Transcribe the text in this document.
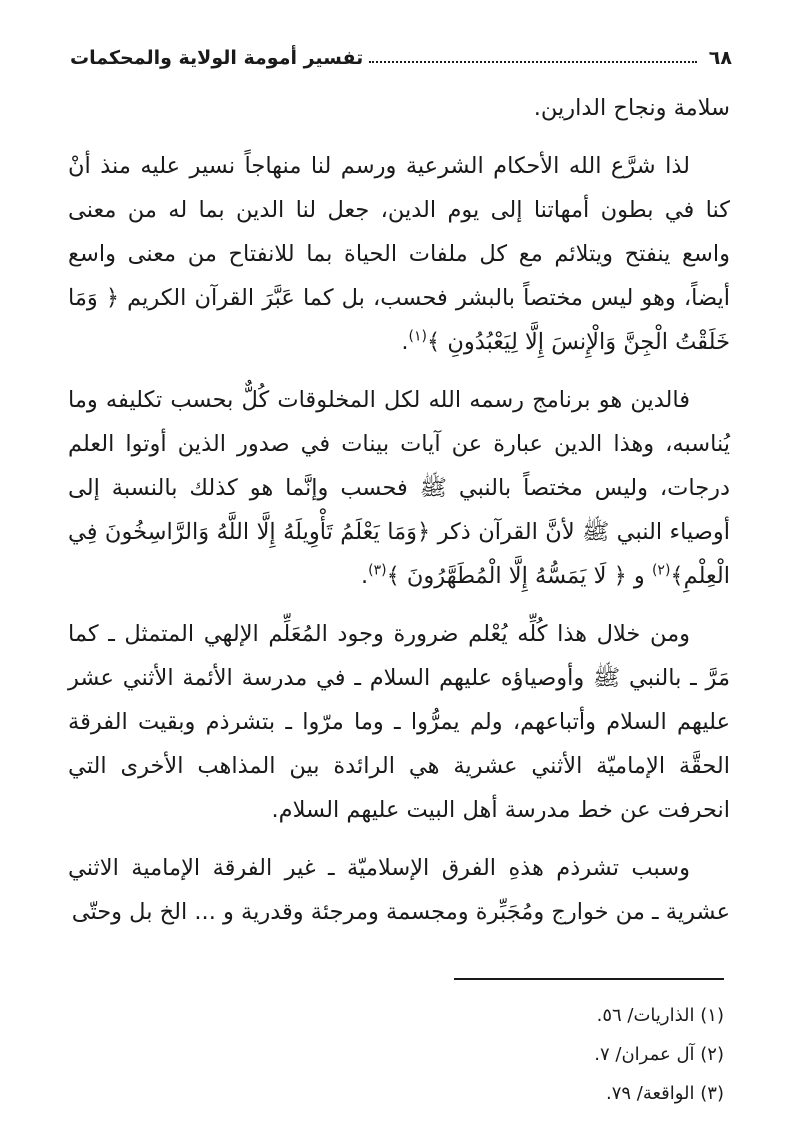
٦٨
تفسير أمومة الولاية والمحكمات

سلامة ونجاح الدارين.

لذا شرَّع الله الأحكام الشرعية ورسم لنا منهاجاً نسير عليه منذ أنْ كنا في بطون أمهاتنا إلى يوم الدين، جعل لنا الدين بما له من معنى واسع ينفتح ويتلائم مع كل ملفات الحياة بما للانفتاح من معنى واسع أيضاً، وهو ليس مختصاً بالبشر فحسب، بل كما عَبَّرَ القرآن الكريم ﴿ وَمَا خَلَقْتُ الْجِنَّ وَالْإِنسَ إِلَّا لِيَعْبُدُونِ ﴾$^{(١)}$.

فالدين هو برنامج رسمه الله لكل المخلوقات كُلٌّ بحسب تكليفه وما يُناسبه، وهذا الدين عبارة عن آيات بينات في صدور الذين أوتوا العلم درجات، وليس مختصاً بالنبي ﷺ فحسب وإنَّما هو كذلك بالنسبة إلى أوصياء النبي ﷺ لأنَّ القرآن ذكر ﴿وَمَا يَعْلَمُ تَأْوِيلَهُ إِلَّا اللَّهُ وَالرَّاسِخُونَ فِي الْعِلْمِ﴾$^{(٢)}$ و ﴿ لَا يَمَسُّهُ إِلَّا الْمُطَهَّرُونَ ﴾$^{(٣)}$.

ومن خلال هذا كُلِّه يُعْلم ضرورة وجود المُعَلِّم الإلهي المتمثل ـ كما مَرَّ ـ بالنبي ﷺ وأوصياؤه عليهم السلام ـ في مدرسة الأئمة الأثني عشر عليهم السلام وأتباعهم، ولم يمرُّوا ـ وما مرّوا ـ بتشرذم وبقيت الفرقة الحقَّة الإماميّة الأثني عشرية هي الرائدة بين المذاهب الأخرى التي انحرفت عن خط مدرسة أهل البيت عليهم السلام.

وسبب تشرذم هذهِ الفرق الإسلاميّة ـ غير الفرقة الإمامية الاثني عشرية ـ من خوارج ومُجَبِّرة ومجسمة ومرجئة وقدرية و ... الخ بل وحتّى

(١) الذاريات/ ٥٦.
(٢) آل عمران/ ٧.
(٣) الواقعة/ ٧٩.
